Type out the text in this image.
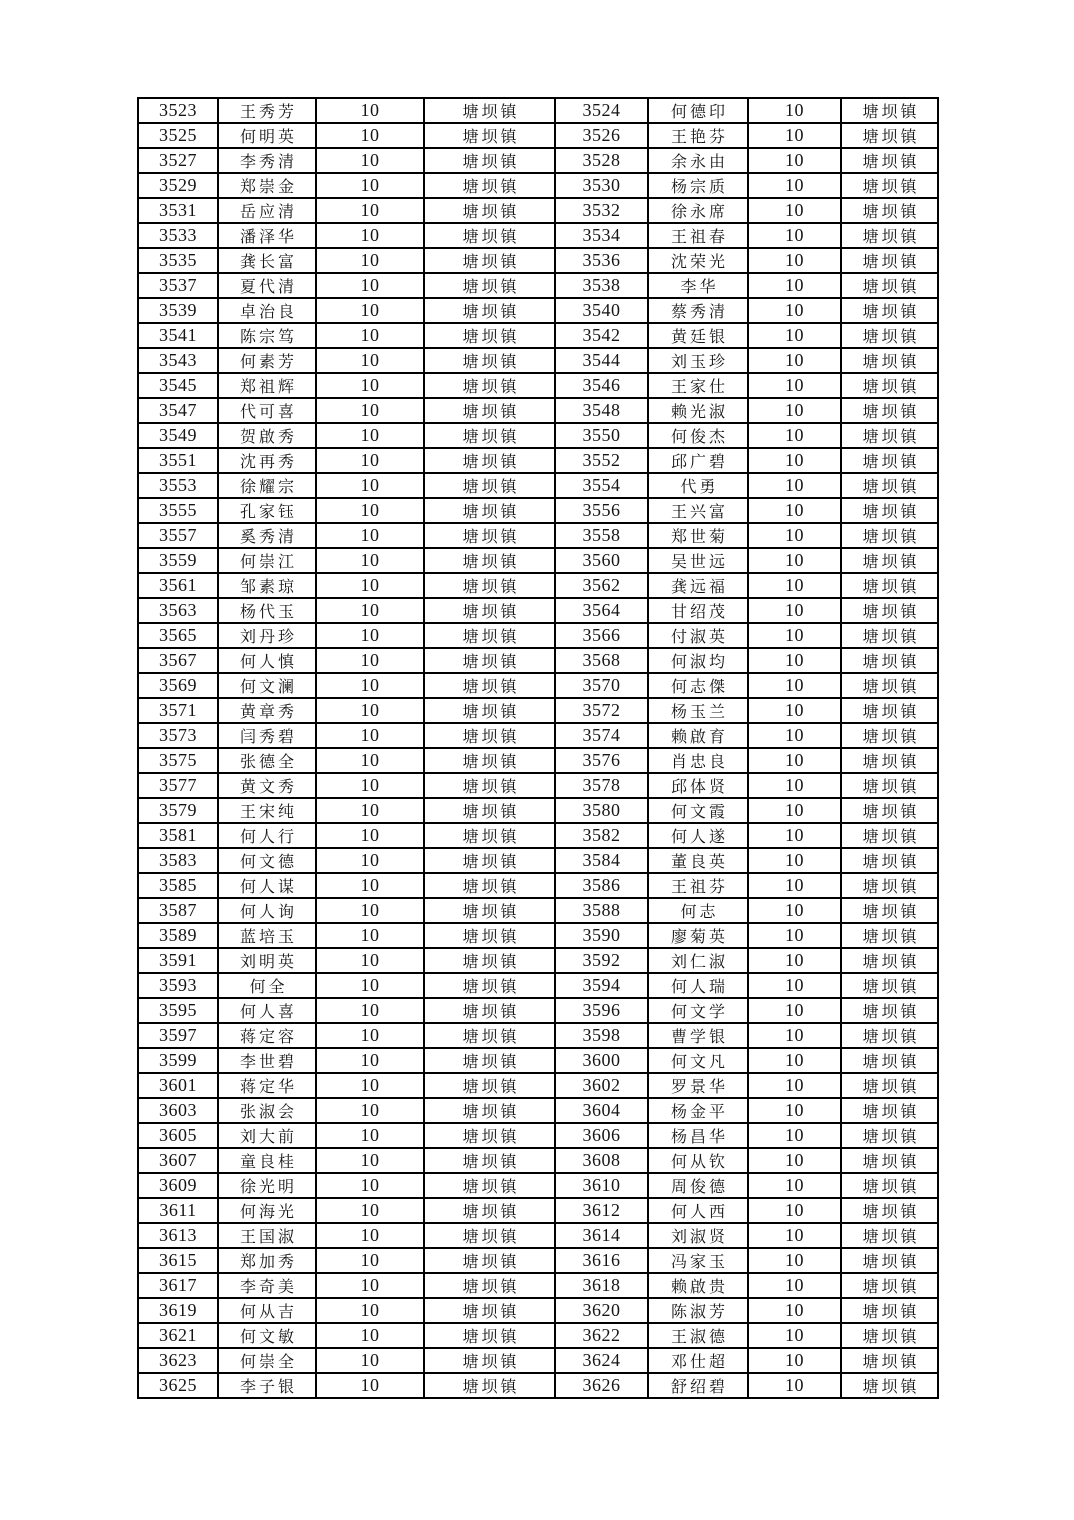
3523	王秀芳	10	塘坝镇	3524	何德印	10	塘坝镇
3525	何明英	10	塘坝镇	3526	王艳芬	10	塘坝镇
3527	李秀清	10	塘坝镇	3528	余永由	10	塘坝镇
3529	郑崇金	10	塘坝镇	3530	杨宗质	10	塘坝镇
3531	岳应清	10	塘坝镇	3532	徐永席	10	塘坝镇
3533	潘泽华	10	塘坝镇	3534	王祖春	10	塘坝镇
3535	龚长富	10	塘坝镇	3536	沈荣光	10	塘坝镇
3537	夏代清	10	塘坝镇	3538	李华	10	塘坝镇
3539	卓治良	10	塘坝镇	3540	蔡秀清	10	塘坝镇
3541	陈宗笃	10	塘坝镇	3542	黄廷银	10	塘坝镇
3543	何素芳	10	塘坝镇	3544	刘玉珍	10	塘坝镇
3545	郑祖辉	10	塘坝镇	3546	王家仕	10	塘坝镇
3547	代可喜	10	塘坝镇	3548	赖光淑	10	塘坝镇
3549	贺啟秀	10	塘坝镇	3550	何俊杰	10	塘坝镇
3551	沈再秀	10	塘坝镇	3552	邱广碧	10	塘坝镇
3553	徐耀宗	10	塘坝镇	3554	代勇	10	塘坝镇
3555	孔家钰	10	塘坝镇	3556	王兴富	10	塘坝镇
3557	奚秀清	10	塘坝镇	3558	郑世菊	10	塘坝镇
3559	何崇江	10	塘坝镇	3560	吴世远	10	塘坝镇
3561	邹素琼	10	塘坝镇	3562	龚远福	10	塘坝镇
3563	杨代玉	10	塘坝镇	3564	甘绍茂	10	塘坝镇
3565	刘丹珍	10	塘坝镇	3566	付淑英	10	塘坝镇
3567	何人慎	10	塘坝镇	3568	何淑均	10	塘坝镇
3569	何文澜	10	塘坝镇	3570	何志傑	10	塘坝镇
3571	黄章秀	10	塘坝镇	3572	杨玉兰	10	塘坝镇
3573	闫秀碧	10	塘坝镇	3574	赖啟育	10	塘坝镇
3575	张德全	10	塘坝镇	3576	肖忠良	10	塘坝镇
3577	黄文秀	10	塘坝镇	3578	邱体贤	10	塘坝镇
3579	王宋纯	10	塘坝镇	3580	何文霞	10	塘坝镇
3581	何人行	10	塘坝镇	3582	何人遂	10	塘坝镇
3583	何文德	10	塘坝镇	3584	董良英	10	塘坝镇
3585	何人谋	10	塘坝镇	3586	王祖芬	10	塘坝镇
3587	何人询	10	塘坝镇	3588	何志	10	塘坝镇
3589	蓝培玉	10	塘坝镇	3590	廖菊英	10	塘坝镇
3591	刘明英	10	塘坝镇	3592	刘仁淑	10	塘坝镇
3593	何全	10	塘坝镇	3594	何人瑞	10	塘坝镇
3595	何人喜	10	塘坝镇	3596	何文学	10	塘坝镇
3597	蒋定容	10	塘坝镇	3598	曹学银	10	塘坝镇
3599	李世碧	10	塘坝镇	3600	何文凡	10	塘坝镇
3601	蒋定华	10	塘坝镇	3602	罗景华	10	塘坝镇
3603	张淑会	10	塘坝镇	3604	杨金平	10	塘坝镇
3605	刘大前	10	塘坝镇	3606	杨昌华	10	塘坝镇
3607	童良桂	10	塘坝镇	3608	何从钦	10	塘坝镇
3609	徐光明	10	塘坝镇	3610	周俊德	10	塘坝镇
3611	何海光	10	塘坝镇	3612	何人西	10	塘坝镇
3613	王国淑	10	塘坝镇	3614	刘淑贤	10	塘坝镇
3615	郑加秀	10	塘坝镇	3616	冯家玉	10	塘坝镇
3617	李奇美	10	塘坝镇	3618	赖啟贵	10	塘坝镇
3619	何从吉	10	塘坝镇	3620	陈淑芳	10	塘坝镇
3621	何文敏	10	塘坝镇	3622	王淑德	10	塘坝镇
3623	何崇全	10	塘坝镇	3624	邓仕超	10	塘坝镇
3625	李子银	10	塘坝镇	3626	舒绍碧	10	塘坝镇
